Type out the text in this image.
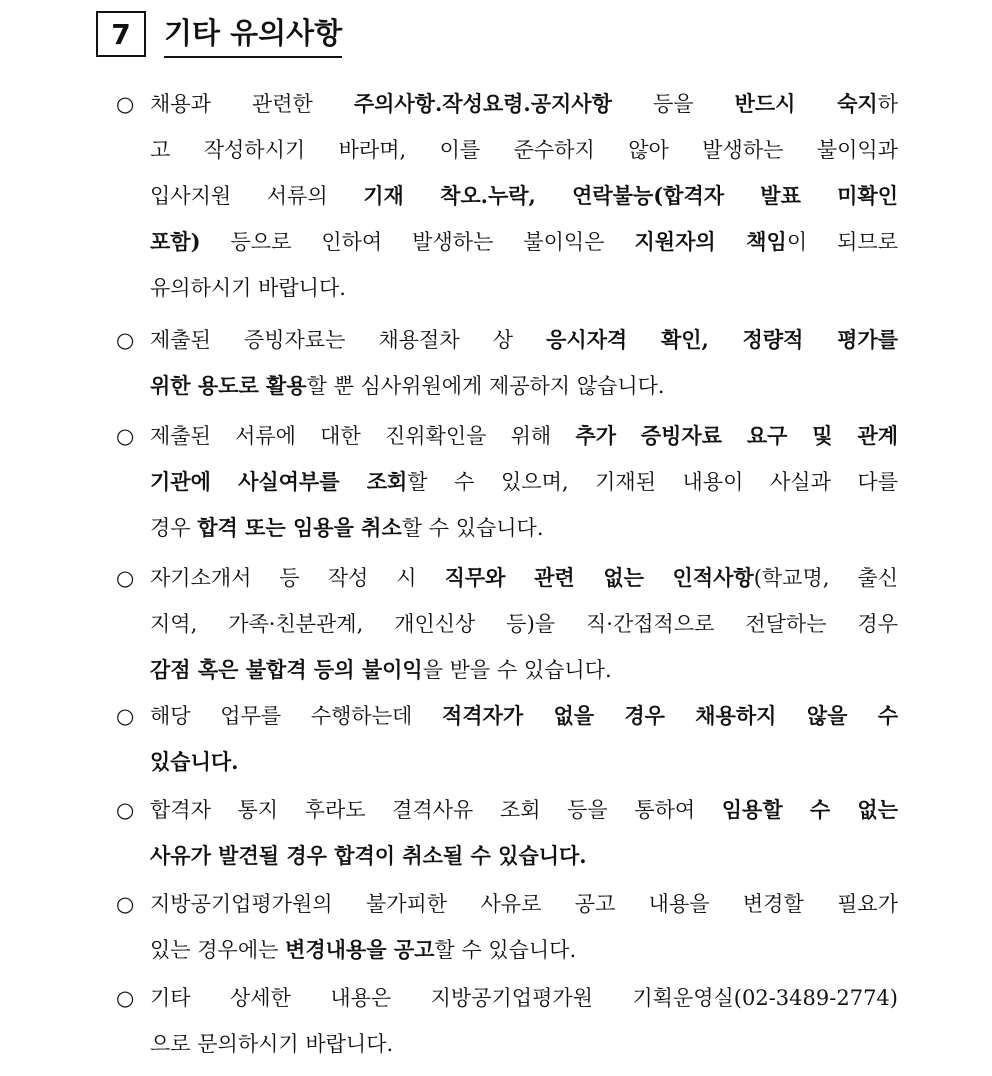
7	기타 유의사항
○ 채용과 관련한 주의사항.작성요령.공지사항 등을 반드시 숙지하
고 작성하시기 바라며, 이를 준수하지 않아 발생하는 불이익과
입사지원 서류의 기재 착오.누락, 연락불능(합격자 발표 미확인
포함) 등으로 인하여 발생하는 불이익은 지원자의 책임이 되므로
유의하시기 바랍니다.
○ 제출된 증빙자료는 채용절차 상 응시자격 확인, 정량적 평가를
위한 용도로 활용할 뿐 심사위원에게 제공하지 않습니다.
○ 제출된 서류에 대한 진위확인을 위해 추가 증빙자료 요구 및 관계
기관에 사실여부를 조회할 수 있으며, 기재된 내용이 사실과 다를
경우 합격 또는 임용을 취소할 수 있습니다.
○ 자기소개서 등 작성 시 직무와 관련 없는 인적사항(학교명, 출신
지역, 가족·친분관계, 개인신상 등)을 직·간접적으로 전달하는 경우
감점 혹은 불합격 등의 불이익을 받을 수 있습니다.
○ 해당 업무를 수행하는데 적격자가 없을 경우 채용하지 않을 수
있습니다.
○ 합격자 통지 후라도 결격사유 조회 등을 통하여 임용할 수 없는
사유가 발견될 경우 합격이 취소될 수 있습니다.
○ 지방공기업평가원의 불가피한 사유로 공고 내용을 변경할 필요가
있는 경우에는 변경내용을 공고할 수 있습니다.
○ 기타 상세한 내용은 지방공기업평가원 기획운영실(02-3489-2774)
으로 문의하시기 바랍니다.
